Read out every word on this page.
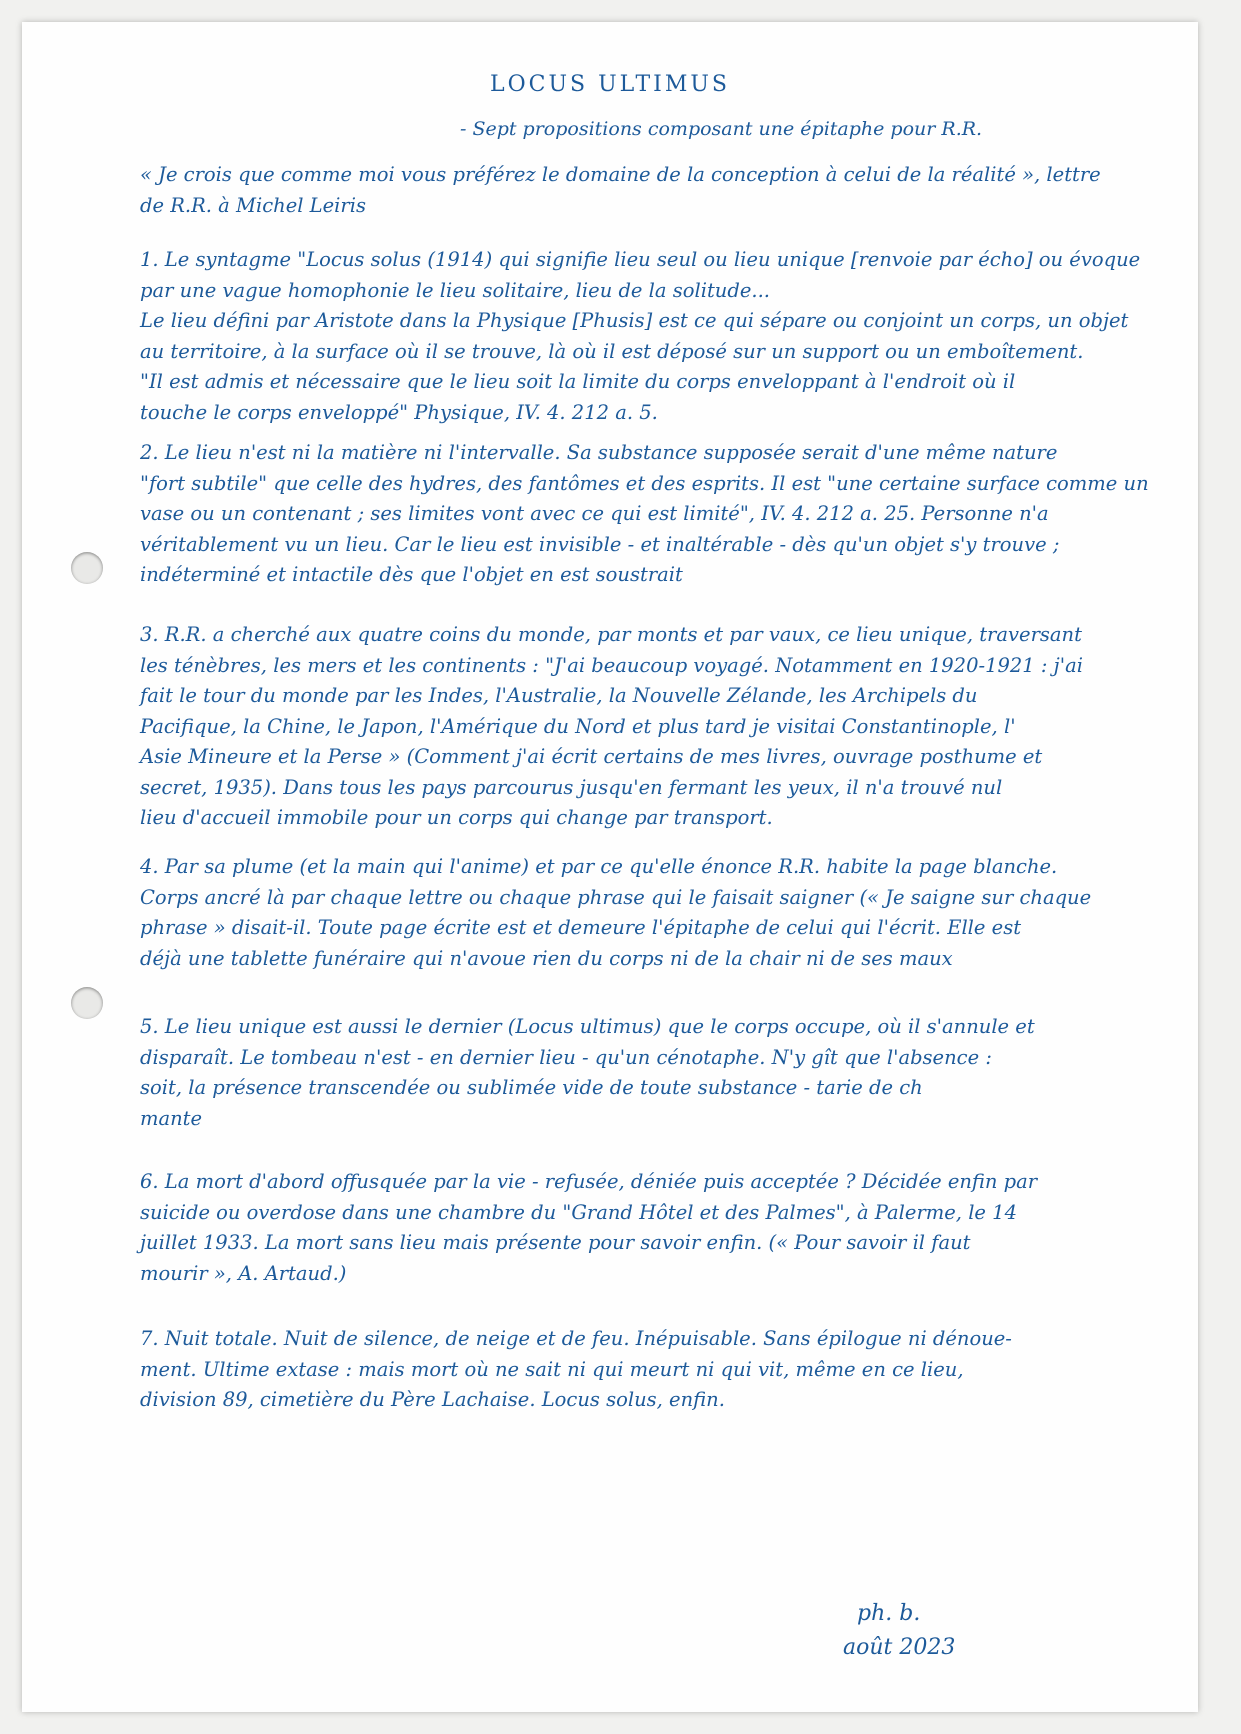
LOCUS ULTIMUS
- Sept propositions composant une épitaphe pour R.R.
« Je crois que comme moi vous préférez le domaine de la conception à celui de la réalité », lettre
de R.R. à Michel Leiris
1. Le syntagme "Locus solus (1914) qui signifie lieu seul ou lieu unique [renvoie par écho] ou évoque
par une vague homophonie le lieu solitaire, lieu de la solitude...
Le lieu défini par Aristote dans la Physique [Phusis] est ce qui sépare ou conjoint un corps, un objet
au territoire, à la surface où il se trouve, là où il est déposé sur un support ou un emboîtement.
"Il est admis et nécessaire que le lieu soit la limite du corps enveloppant à l'endroit où il
touche le corps enveloppé" Physique, IV. 4. 212 a. 5.
2. Le lieu n'est ni la matière ni l'intervalle. Sa substance supposée serait d'une même nature
"fort subtile" que celle des hydres, des fantômes et des esprits. Il est "une certaine surface comme un
vase ou un contenant ; ses limites vont avec ce qui est limité", IV. 4. 212 a. 25. Personne n'a
véritablement vu un lieu. Car le lieu est invisible - et inaltérable - dès qu'un objet s'y trouve ;
indéterminé et intactile dès que l'objet en est soustrait
3. R.R. a cherché aux quatre coins du monde, par monts et par vaux, ce lieu unique, traversant
les ténèbres, les mers et les continents : "J'ai beaucoup voyagé. Notamment en 1920-1921 : j'ai
fait le tour du monde par les Indes, l'Australie, la Nouvelle Zélande, les Archipels du
Pacifique, la Chine, le Japon, l'Amérique du Nord et plus tard je visitai Constantinople, l'
Asie Mineure et la Perse » (Comment j'ai écrit certains de mes livres, ouvrage posthume et
secret, 1935). Dans tous les pays parcourus jusqu'en fermant les yeux, il n'a trouvé nul
lieu d'accueil immobile pour un corps qui change par transport.
4. Par sa plume (et la main qui l'anime) et par ce qu'elle énonce R.R. habite la page blanche.
Corps ancré là par chaque lettre ou chaque phrase qui le faisait saigner (« Je saigne sur chaque
phrase » disait-il. Toute page écrite est et demeure l'épitaphe de celui qui l'écrit. Elle est
déjà une tablette funéraire qui n'avoue rien du corps ni de la chair ni de ses maux
5. Le lieu unique est aussi le dernier (Locus ultimus) que le corps occupe, où il s'annule et
disparaît. Le tombeau n'est - en dernier lieu - qu'un cénotaphe. N'y gît que l'absence :
soit, la présence transcendée ou sublimée vide de toute substance - tarie de ch
mante
6. La mort d'abord offusquée par la vie - refusée, déniée puis acceptée ? Décidée enfin par
suicide ou overdose dans une chambre du "Grand Hôtel et des Palmes", à Palerme, le 14
juillet 1933. La mort sans lieu mais présente pour savoir enfin. (« Pour savoir il faut
mourir », A. Artaud.)
7. Nuit totale. Nuit de silence, de neige et de feu. Inépuisable. Sans épilogue ni dénoue-
ment. Ultime extase : mais mort où ne sait ni qui meurt ni qui vit, même en ce lieu,
division 89, cimetière du Père Lachaise. Locus solus, enfin.
ph. b.
août 2023
